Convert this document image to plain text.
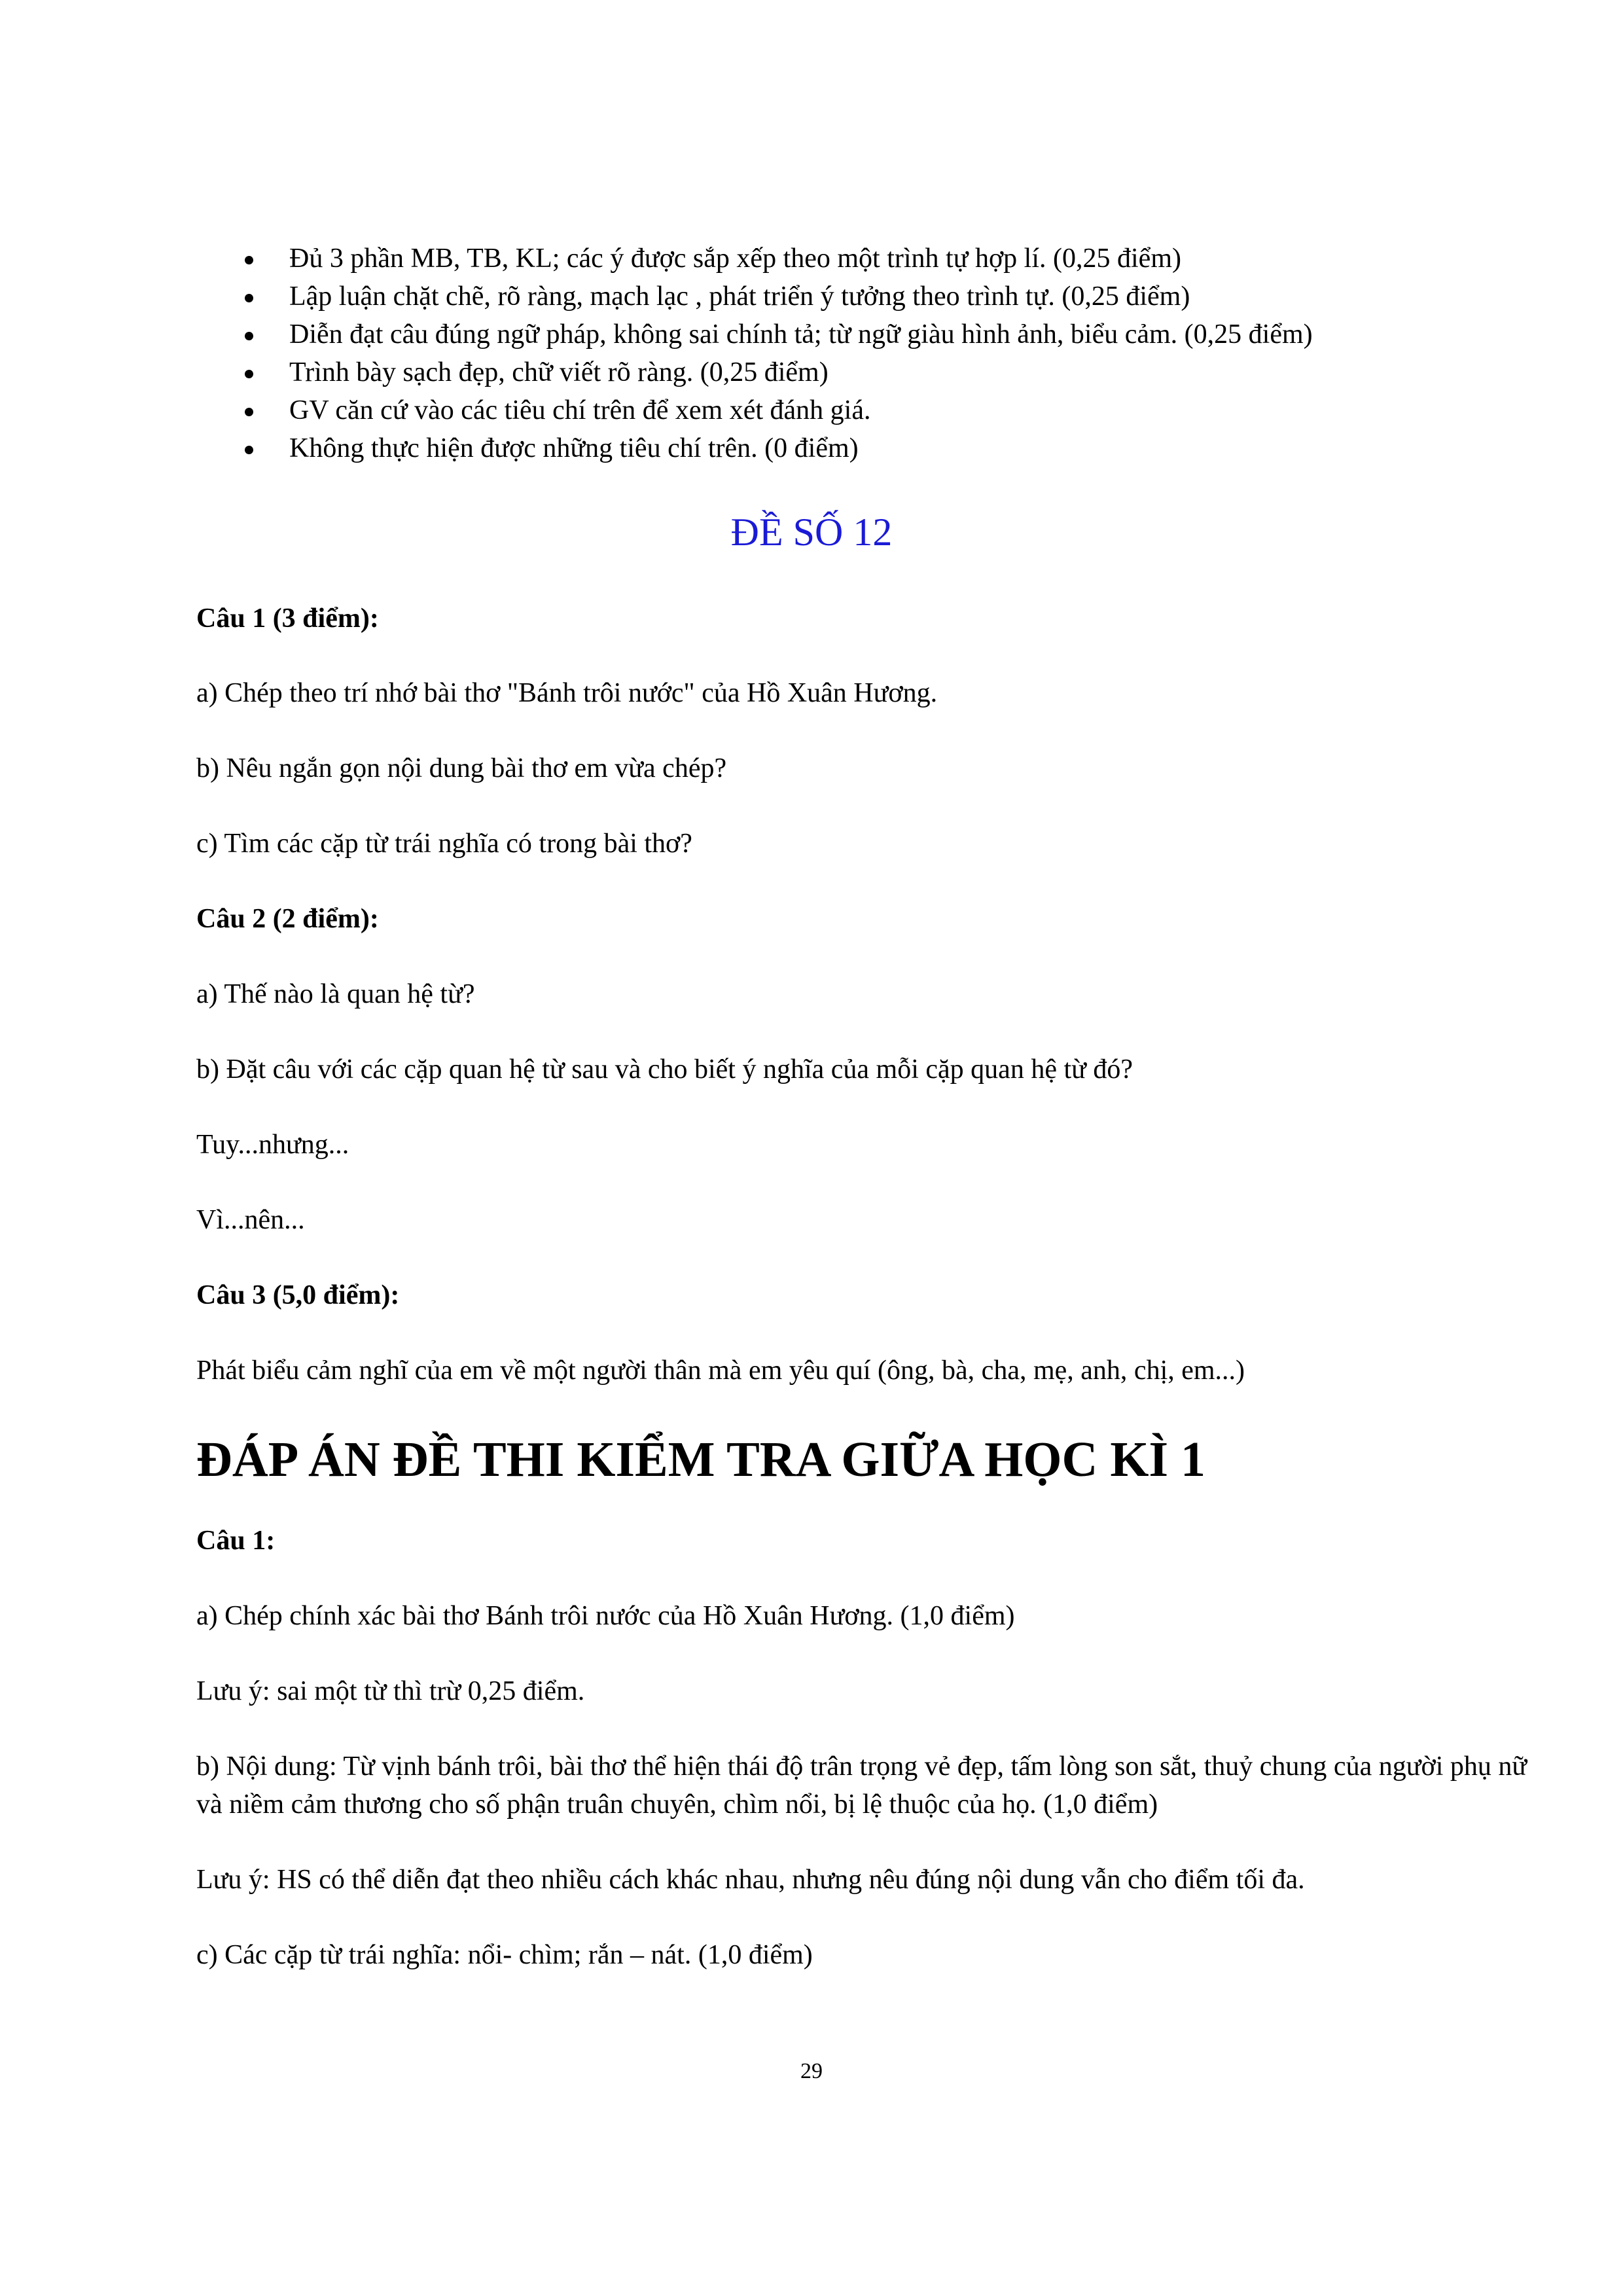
Đủ 3 phần MB, TB, KL; các ý được sắp xếp theo một trình tự hợp lí. (0,25 điểm)
Lập luận chặt chẽ, rõ ràng, mạch lạc , phát triển ý tưởng theo trình tự. (0,25 điểm)
Diễn đạt câu đúng ngữ pháp, không sai chính tả; từ ngữ giàu hình ảnh, biểu cảm. (0,25 điểm)
Trình bày sạch đẹp, chữ viết rõ ràng. (0,25 điểm)
GV căn cứ vào các tiêu chí trên để xem xét đánh giá.
Không thực hiện được những tiêu chí trên. (0 điểm)
ĐỀ SỐ 12

Câu 1 (3 điểm):

a) Chép theo trí nhớ bài thơ "Bánh trôi nước" của Hồ Xuân Hương.

b) Nêu ngắn gọn nội dung bài thơ em vừa chép?

c) Tìm các cặp từ trái nghĩa có trong bài thơ?

Câu 2 (2 điểm):

a) Thế nào là quan hệ từ?

b) Đặt câu với các cặp quan hệ từ sau và cho biết ý nghĩa của mỗi cặp quan hệ từ đó?

Tuy...nhưng...

Vì...nên...

Câu 3 (5,0 điểm):

Phát biểu cảm nghĩ của em về một người thân mà em yêu quí (ông, bà, cha, mẹ, anh, chị, em...)

ĐÁP ÁN ĐỀ THI KIỂM TRA GIỮA HỌC KÌ 1

Câu 1:

a) Chép chính xác bài thơ Bánh trôi nước của Hồ Xuân Hương. (1,0 điểm)

Lưu ý: sai một từ thì trừ 0,25 điểm.

b) Nội dung: Từ vịnh bánh trôi, bài thơ thể hiện thái độ trân trọng vẻ đẹp, tấm lòng son sắt, thuỷ chung của người phụ nữ và niềm cảm thương cho số phận truân chuyên, chìm nổi, bị lệ thuộc của họ. (1,0 điểm)

Lưu ý: HS có thể diễn đạt theo nhiều cách khác nhau, nhưng nêu đúng nội dung vẫn cho điểm tối đa.

c) Các cặp từ trái nghĩa: nổi- chìm; rắn – nát. (1,0 điểm)

29
